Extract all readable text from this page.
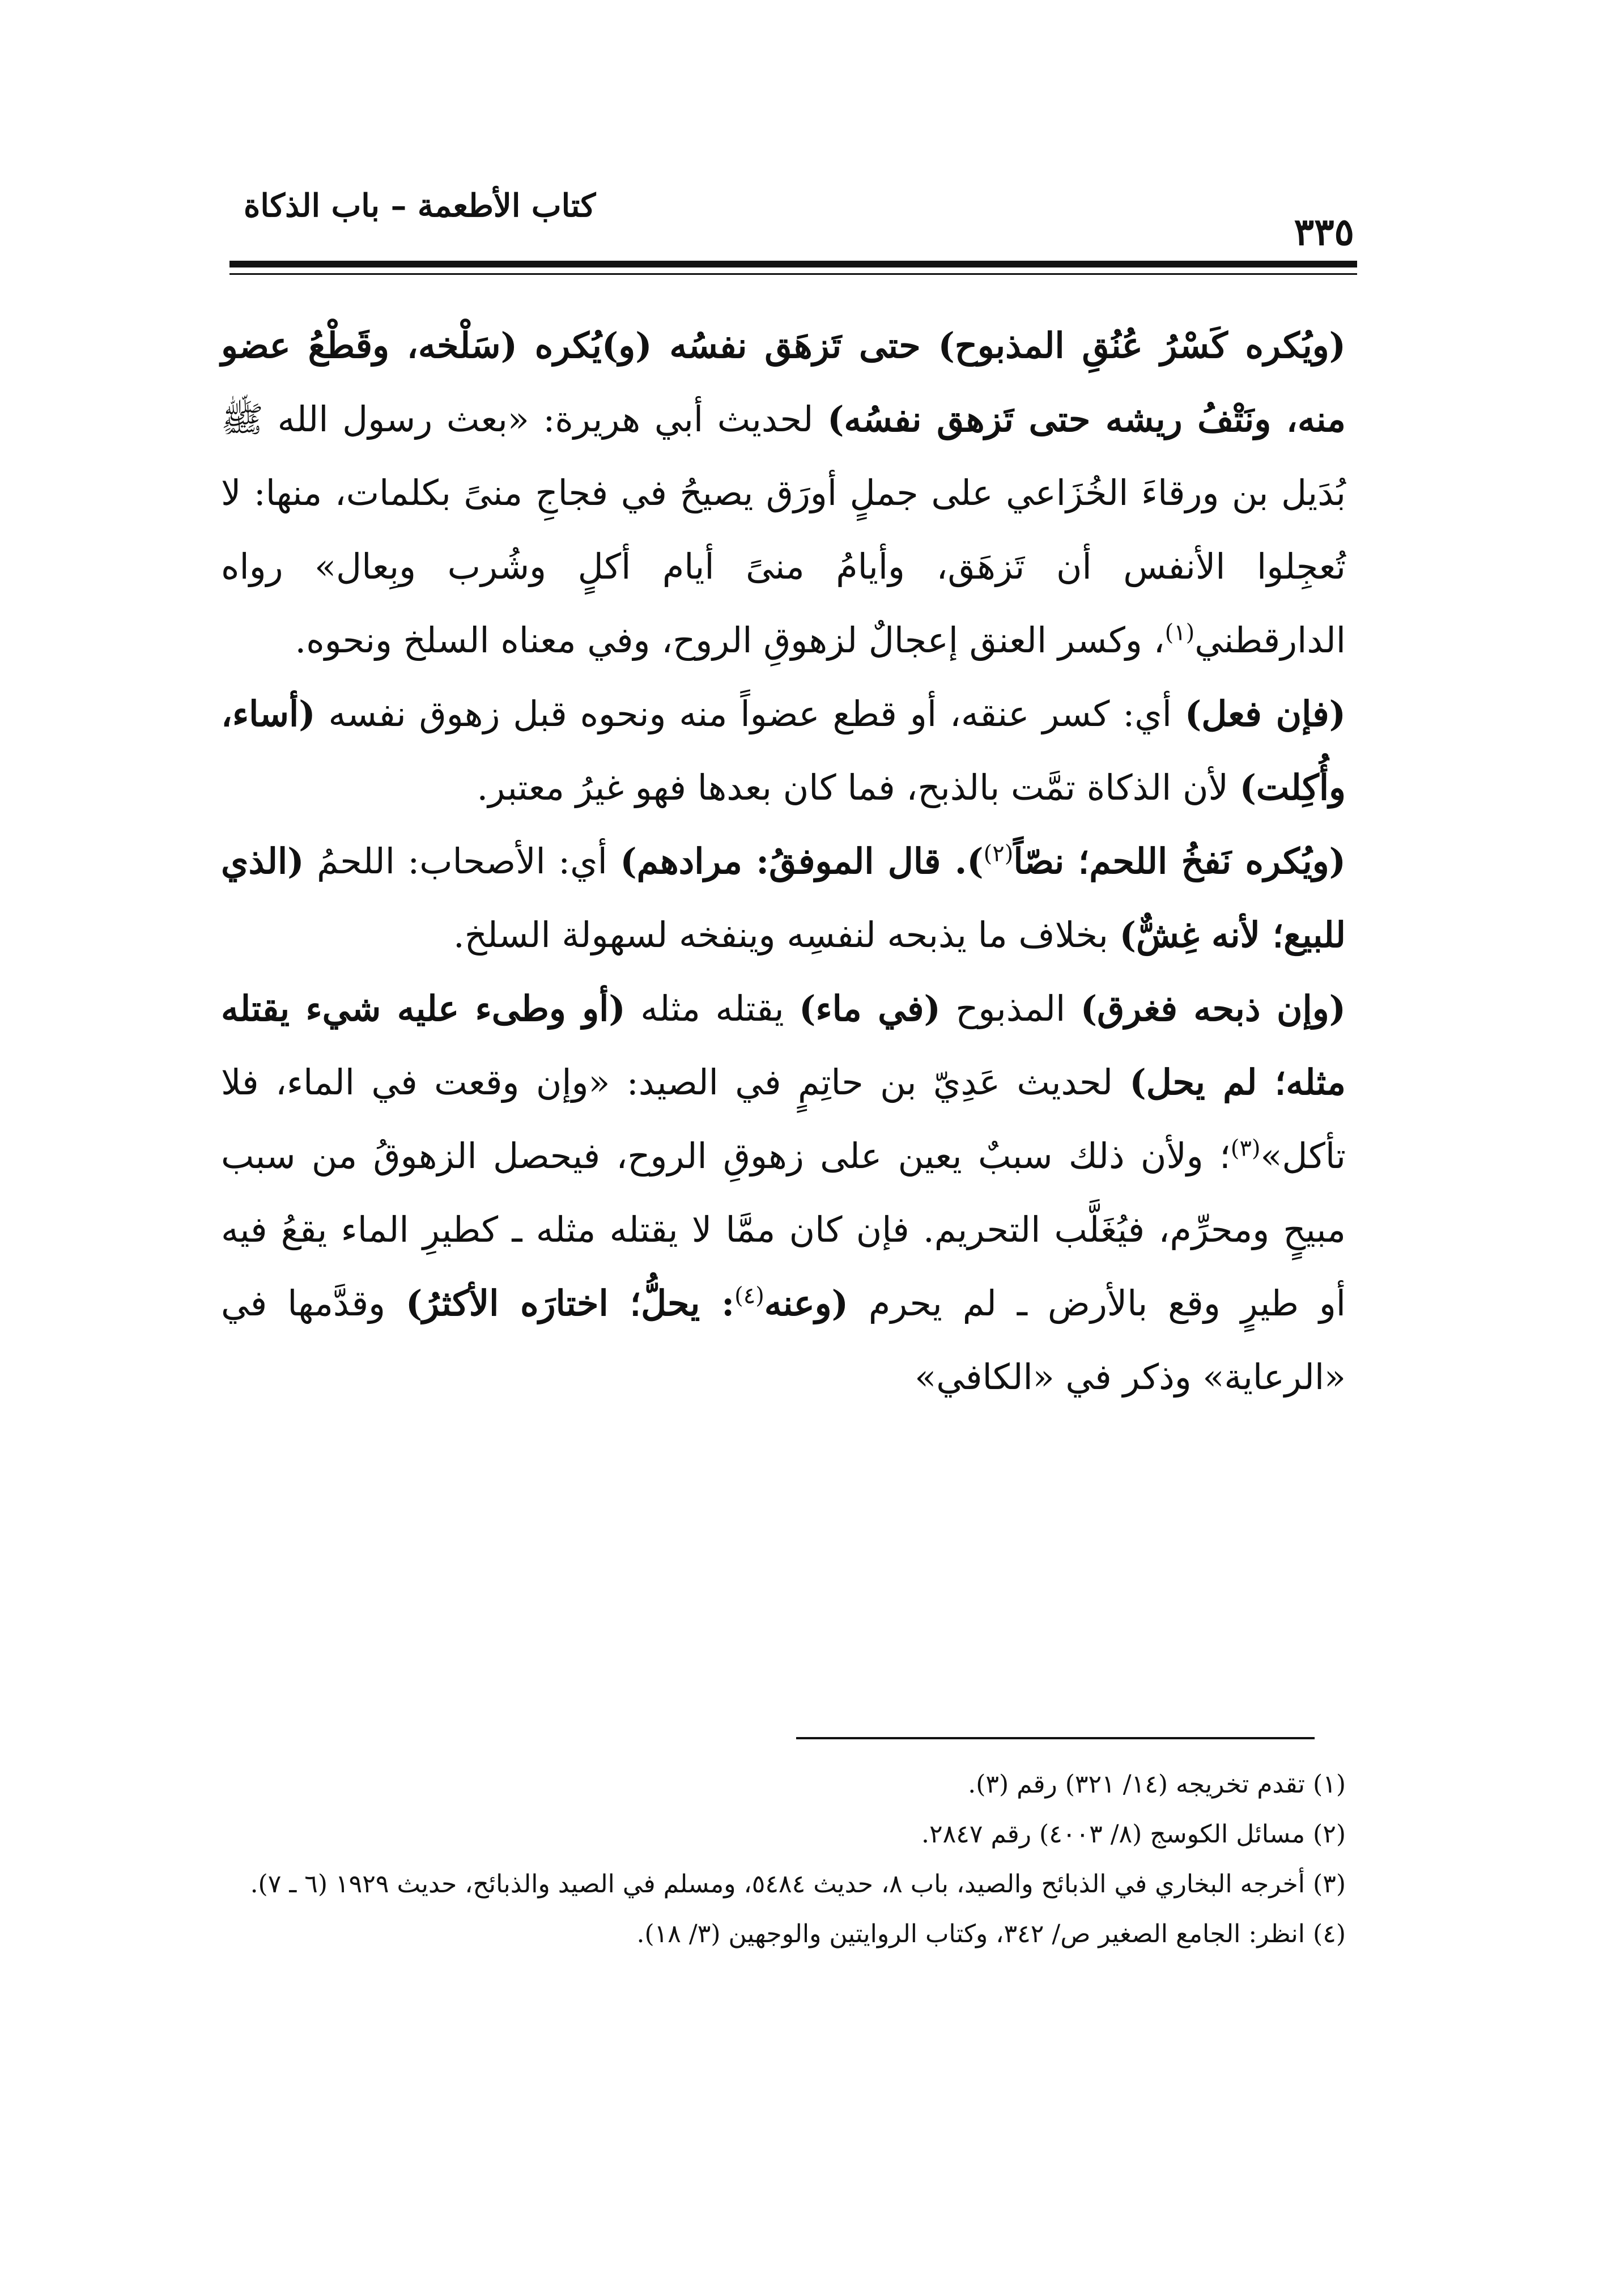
٣٣٥
كتاب الأطعمة – باب الذكاة

(ويُكره كَسْرُ عُنُقِ المذبوح) حتى تَزهَق نفسُه (و)يُكره (سَلْخه، وقَطْعُ عضو منه، ونَتْفُ ريشه حتى تَزهق نفسُه) لحديث أبي هريرة: «بعث رسول الله ﷺ بُدَيل بن ورقاءَ الخُزَاعي على جملٍ أورَق يصيحُ في فجاجِ منىً بكلمات، منها: لا تُعجِلوا الأنفس أن تَزهَق، وأيامُ منىً أيام أكلٍ وشُرب وبِعال» رواه الدارقطني$^{(١)}$، وكسر العنق إعجالٌ لزهوقِ الروح، وفي معناه السلخ ونحوه.

(فإن فعل) أي: كسر عنقه، أو قطع عضواً منه ونحوه قبل زهوق نفسه (أساء، وأُكِلت) لأن الذكاة تمَّت بالذبح، فما كان بعدها فهو غيرُ معتبر.

(ويُكره نَفخُ اللحم؛ نصّاً$^{(٢)}$). قال الموفقُ: مرادهم) أي: الأصحاب: اللحمُ (الذي للبيع؛ لأنه غِشٌّ) بخلاف ما يذبحه لنفسِه وينفخه لسهولة السلخ.

(وإن ذبحه فغرق) المذبوح (في ماء) يقتله مثله (أو وطىء عليه شيء يقتله مثله؛ لم يحل) لحديث عَدِيّ بن حاتِمٍ في الصيد: «وإن وقعت في الماء، فلا تأكل»$^{(٣)}$؛ ولأن ذلك سببٌ يعين على زهوقِ الروح، فيحصل الزهوقُ من سبب مبيحٍ ومحرِّم، فيُغَلَّب التحريم. فإن كان ممَّا لا يقتله مثله ـ كطيرِ الماء يقعُ فيه أو طيرٍ وقع بالأرض ـ لم يحرم (وعنه$^{(٤)}$: يحلُّ؛ اختارَه الأكثرُ) وقدَّمها في «الرعاية» وذكر في «الكافي»

(١) تقدم تخريجه (١٤/ ٣٢١) رقم (٣).

(٢) مسائل الكوسج (٨/ ٤٠٠٣) رقم ٢٨٤٧.

(٣) أخرجه البخاري في الذبائح والصيد، باب ٨، حديث ٥٤٨٤، ومسلم في الصيد والذبائح، حديث ١٩٢٩ (٦ ـ ٧).

(٤) انظر: الجامع الصغير ص/ ٣٤٢، وكتاب الروايتين والوجهين (٣/ ١٨).
